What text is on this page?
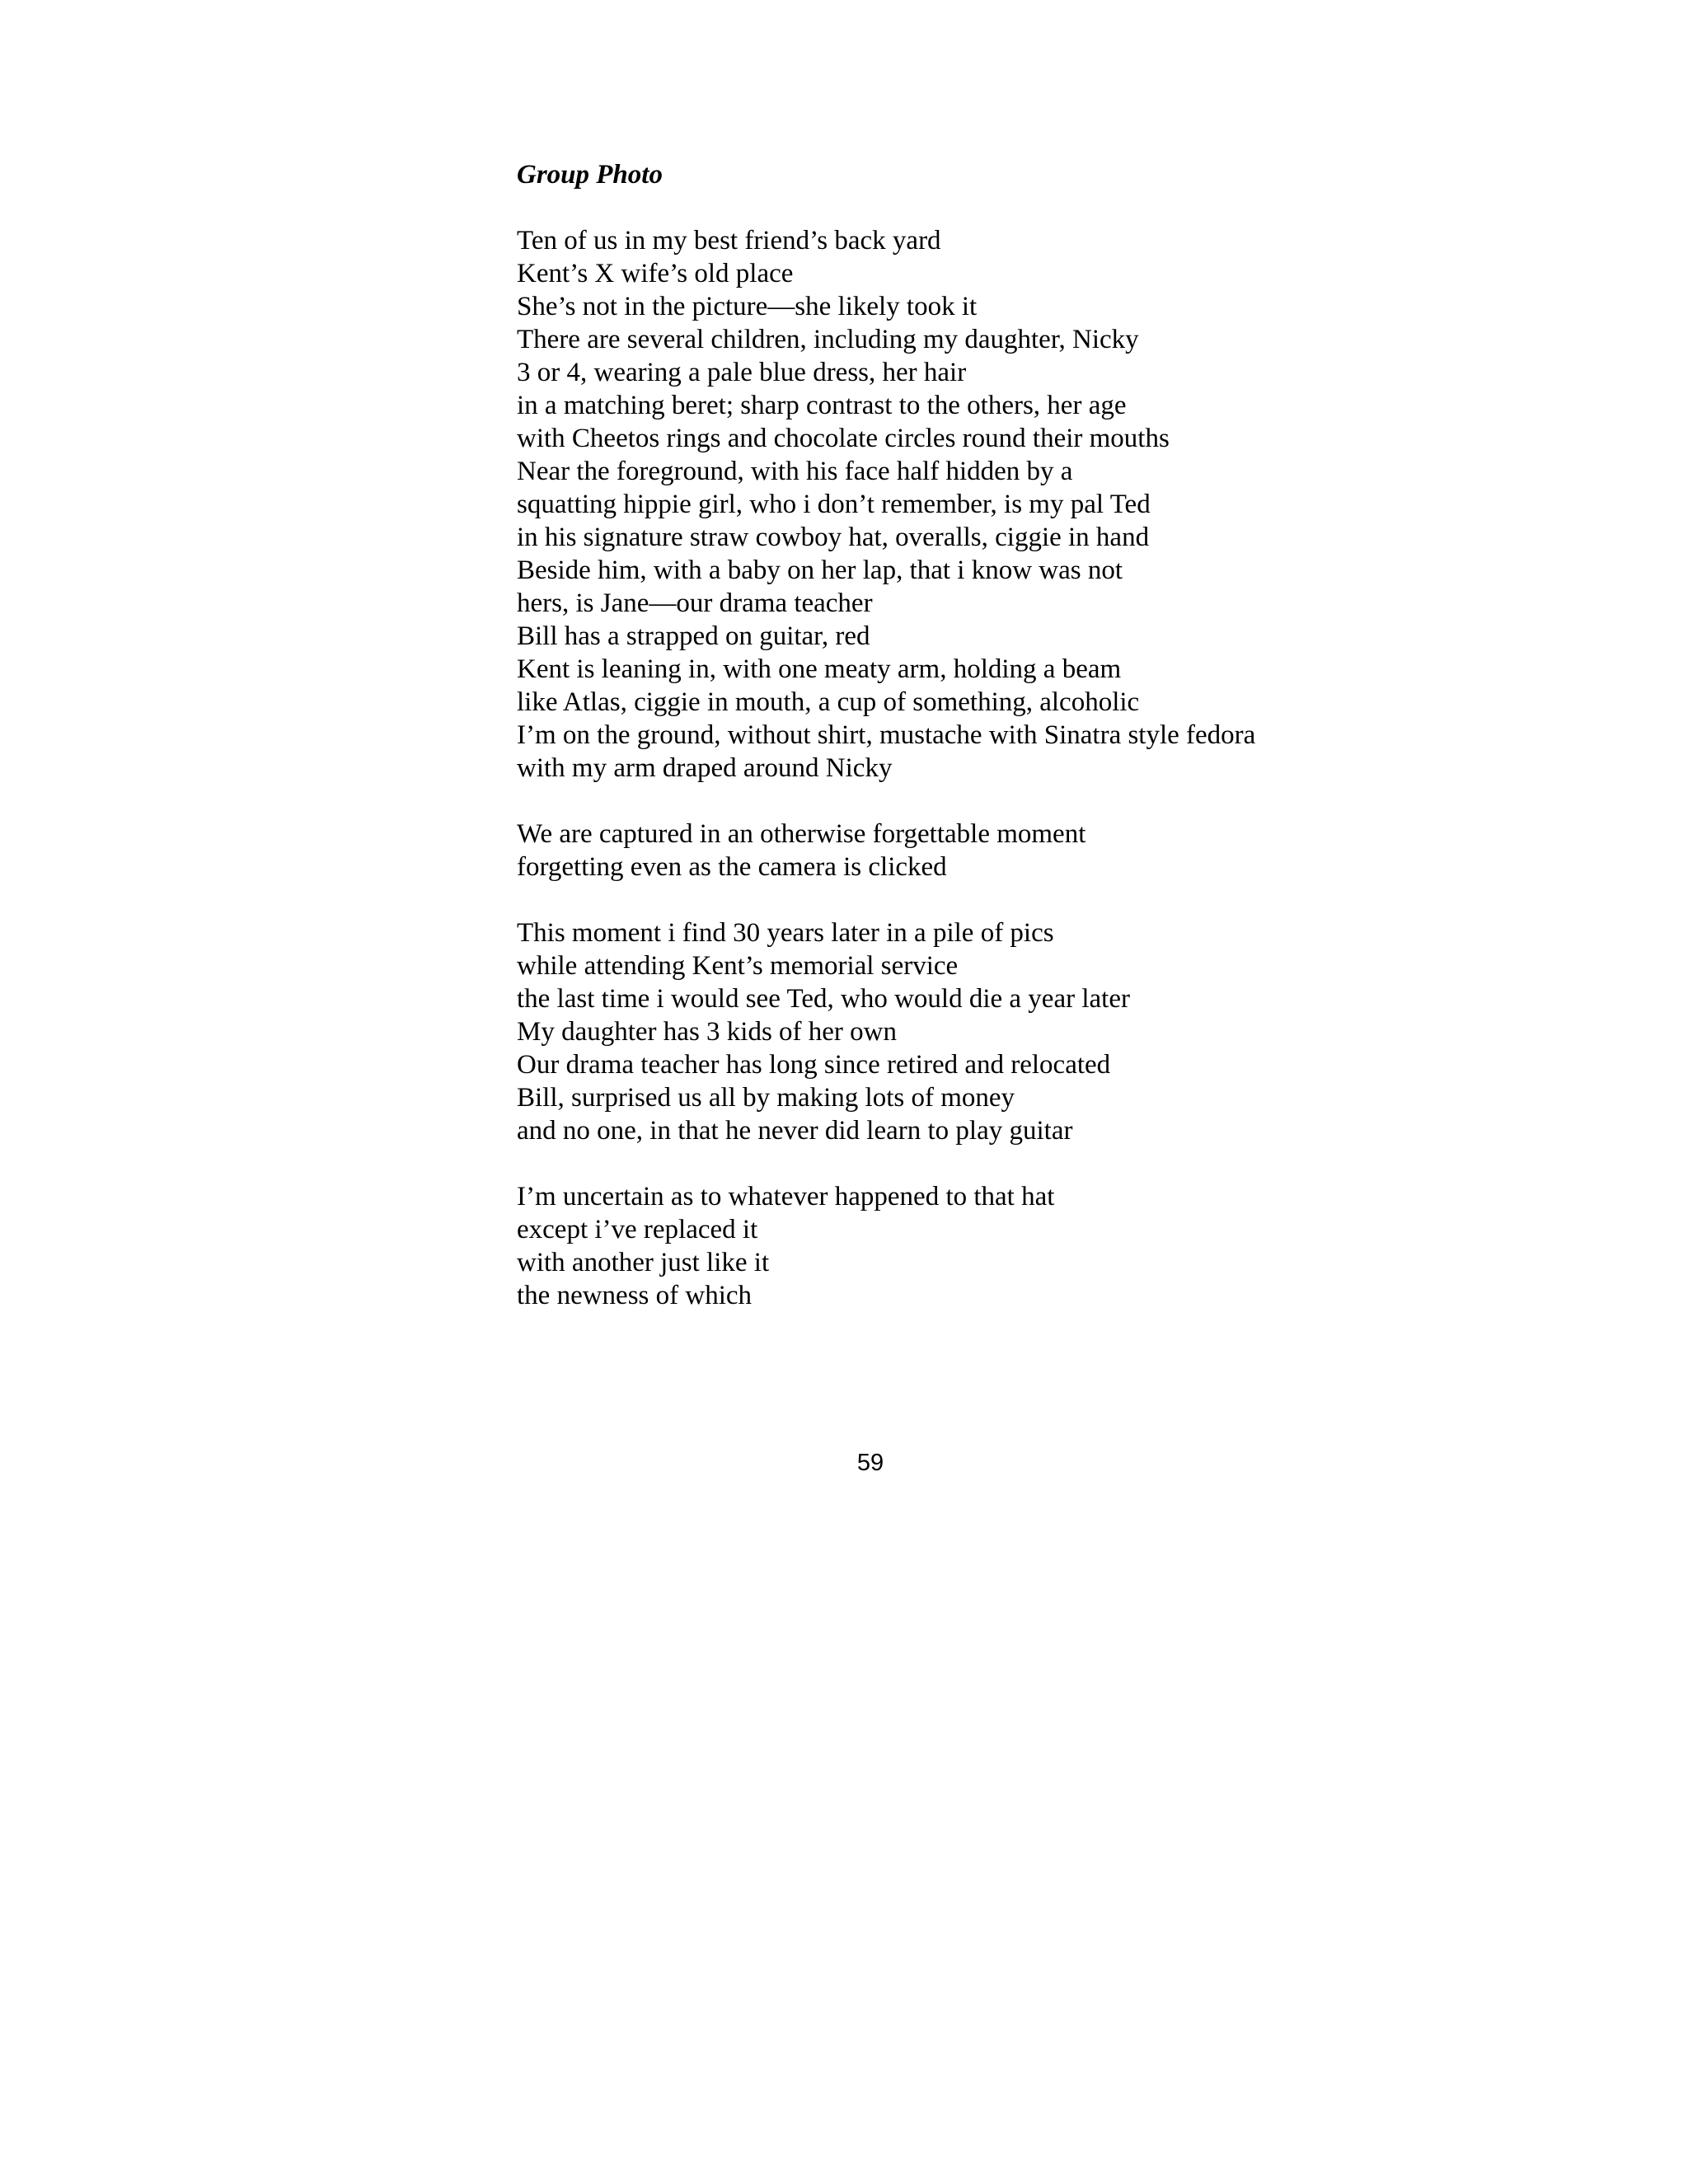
Group Photo
Ten of us in my best friend’s back yard
Kent’s X wife’s old place
She’s not in the picture—she likely took it
There are several children, including my daughter, Nicky
3 or 4, wearing a pale blue dress, her hair
in a matching beret; sharp contrast to the others, her age
with Cheetos rings and chocolate circles round their mouths
Near the foreground, with his face half hidden by a
squatting hippie girl, who i don’t remember, is my pal Ted
in his signature straw cowboy hat, overalls, ciggie in hand
Beside him, with a baby on her lap, that i know was not
hers, is Jane—our drama teacher
Bill has a strapped on guitar, red
Kent is leaning in, with one meaty arm, holding a beam
like Atlas, ciggie in mouth, a cup of something, alcoholic
I’m on the ground, without shirt, mustache with Sinatra style fedora
with my arm draped around Nicky
We are captured in an otherwise forgettable moment
forgetting even as the camera is clicked
This moment i find 30 years later in a pile of pics
while attending Kent’s memorial service
the last time i would see Ted, who would die a year later
My daughter has 3 kids of her own
Our drama teacher has long since retired and relocated
Bill, surprised us all by making lots of money
and no one, in that he never did learn to play guitar
I’m uncertain as to whatever happened to that hat
except i’ve replaced it
with another just like it
the newness of which
59
